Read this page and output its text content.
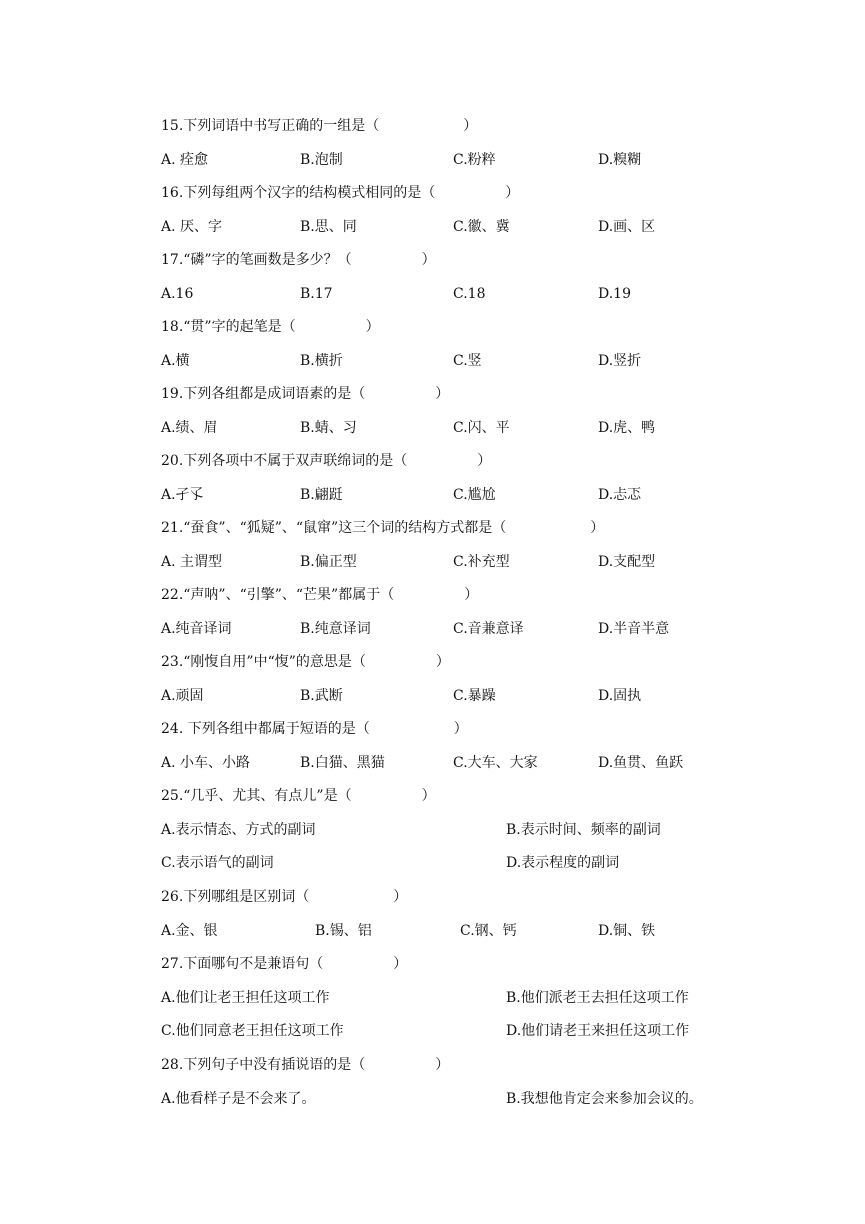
15.下列词语中书写正确的一组是（　　　　　　）
A. 痊愈	B.泡制	C.粉粹	D.糗糊
16.下列每组两个汉字的结构模式相同的是（　　　　　）
A. 厌、字	B.思、同	C.徽、冀	D.画、区
17.“磷”字的笔画数是多少？（　　　　　）
A.16	B.17	C.18	D.19
18.“贯”字的起笔是（　　　　　）
A.横	B.横折	C.竖	D.竖折
19.下列各组都是成词语素的是（　　　　　）
A.绩、眉	B.蜻、习	C.闪、平	D.虎、鸭
20.下列各项中不属于双声联绵词的是（　　　　　）
A.孑孓	B.翩跹	C.尴尬	D.忐忑
21.“蚕食”、“狐疑”、“鼠窜”这三个词的结构方式都是（　　　　　　）
A. 主谓型	B.偏正型	C.补充型	D.支配型
22.“声呐”、“引擎”、“芒果”都属于（　　　　　）
A.纯音译词	B.纯意译词	C.音兼意译	D.半音半意
23.“刚愎自用”中“愎”的意思是（　　　　　）
A.顽固	B.武断	C.暴躁	D.固执
24. 下列各组中都属于短语的是（　　　　　　）
A. 小车、小路	B.白猫、黑猫	C.大车、大家	D.鱼贯、鱼跃
25.“几乎、尤其、有点儿”是（　　　　　）
A.表示情态、方式的副词	B.表示时间、频率的副词
C.表示语气的副词	D.表示程度的副词
26.下列哪组是区别词（　　　　　　）
A.金、银	B.锡、铝	C.钢、钙	D.铜、铁
27.下面哪句不是兼语句（　　　　　）
A.他们让老王担任这项工作	B.他们派老王去担任这项工作
C.他们同意老王担任这项工作	D.他们请老王来担任这项工作
28.下列句子中没有插说语的是（　　　　　）
A.他看样子是不会来了。	B.我想他肯定会来参加会议的。
